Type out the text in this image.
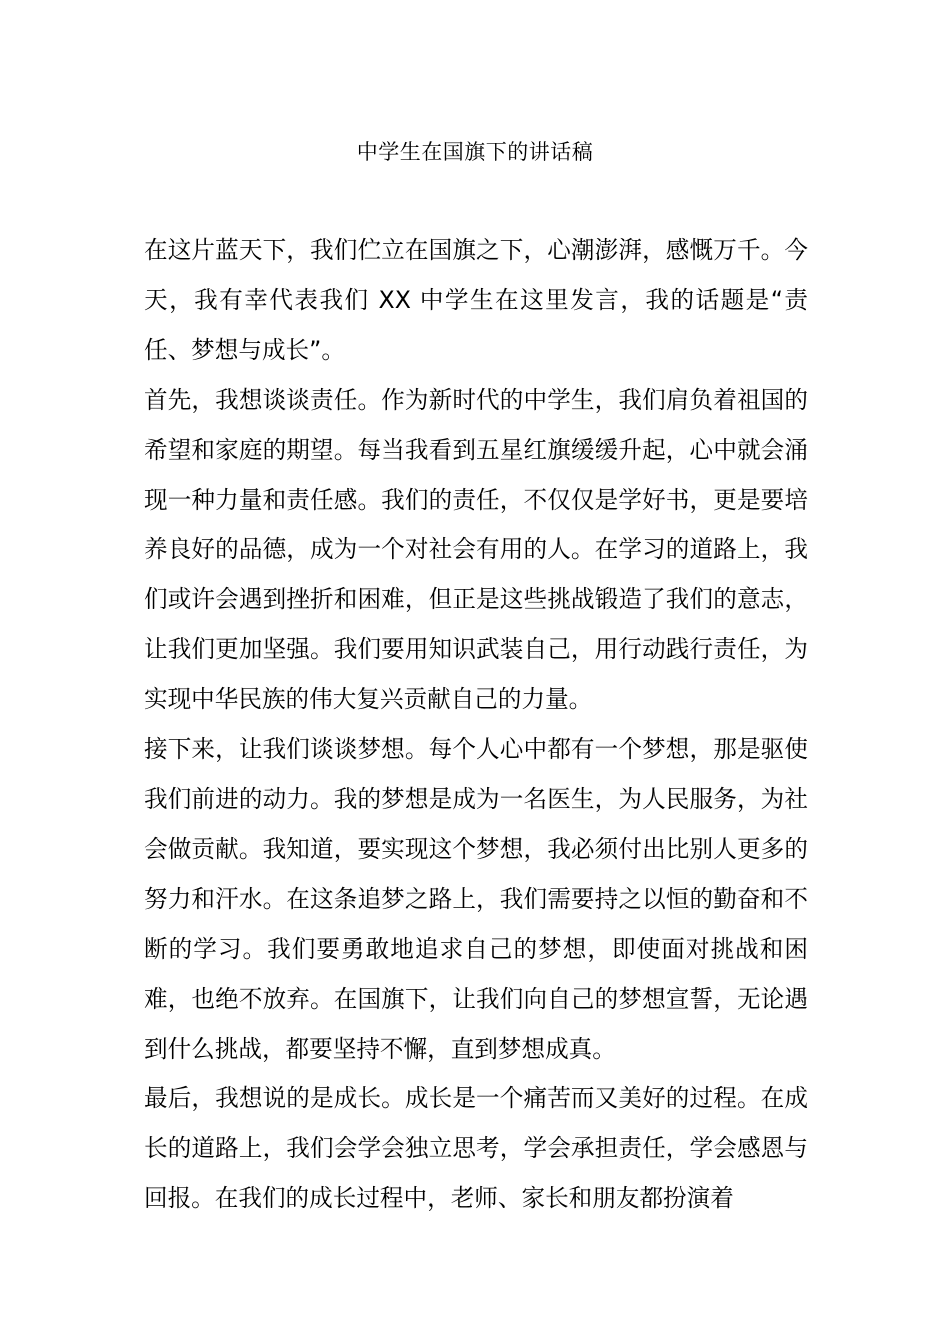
中学生在国旗下的讲话稿

在这片蓝天下，我们伫立在国旗之下，心潮澎湃，感慨万千。今天，我有幸代表我们 XX 中学生在这里发言，我的话题是“责任、梦想与成长”。

首先，我想谈谈责任。作为新时代的中学生，我们肩负着祖国的希望和家庭的期望。每当我看到五星红旗缓缓升起，心中就会涌现一种力量和责任感。我们的责任，不仅仅是学好书，更是要培养良好的品德，成为一个对社会有用的人。在学习的道路上，我们或许会遇到挫折和困难，但正是这些挑战锻造了我们的意志，让我们更加坚强。我们要用知识武装自己，用行动践行责任，为实现中华民族的伟大复兴贡献自己的力量。

接下来，让我们谈谈梦想。每个人心中都有一个梦想，那是驱使我们前进的动力。我的梦想是成为一名医生，为人民服务，为社会做贡献。我知道，要实现这个梦想，我必须付出比别人更多的努力和汗水。在这条追梦之路上，我们需要持之以恒的勤奋和不断的学习。我们要勇敢地追求自己的梦想，即使面对挑战和困难，也绝不放弃。在国旗下，让我们向自己的梦想宣誓，无论遇到什么挑战，都要坚持不懈，直到梦想成真。

最后，我想说的是成长。成长是一个痛苦而又美好的过程。在成长的道路上，我们会学会独立思考，学会承担责任，学会感恩与回报。在我们的成长过程中，老师、家长和朋友都扮演着
